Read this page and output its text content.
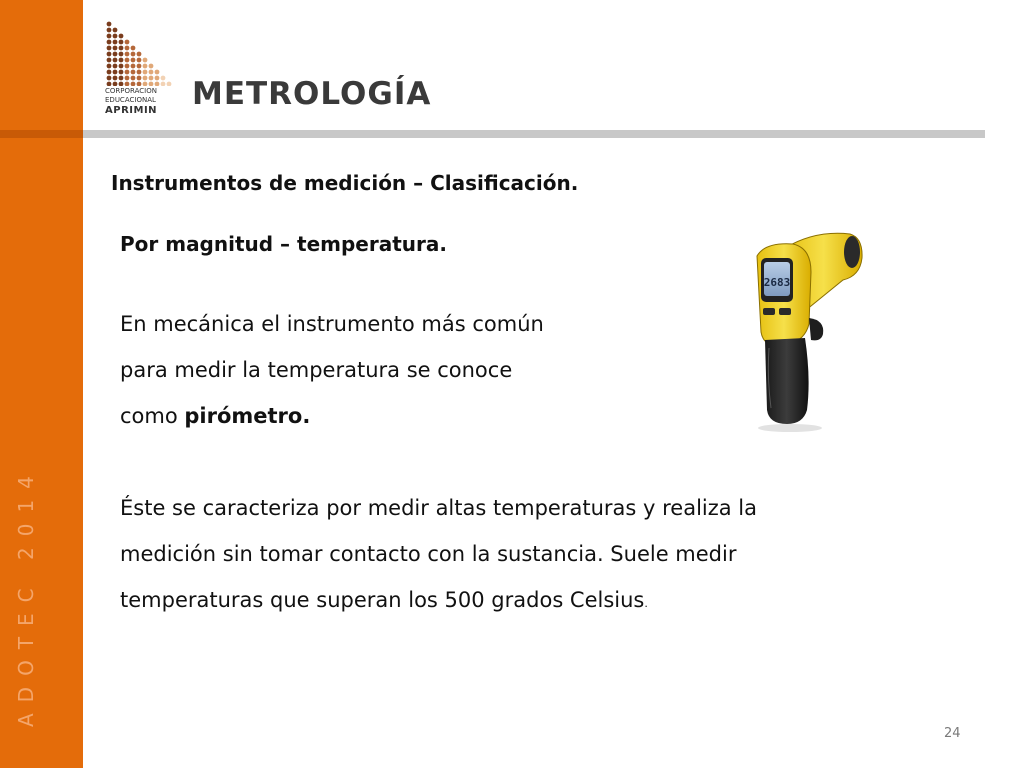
ADOTEC 2014
CORPORACION
EDUCACIONAL
APRIMIN METROLOGÍA
Instrumentos de medición – Clasificación.
Por magnitud – temperatura.
En mecánica el instrumento más común
para medir la temperatura se conoce
como pirómetro.
Éste se caracteriza por medir altas temperaturas y realiza la
medición sin tomar contacto con la sustancia. Suele medir
temperaturas que superan los 500 grados Celsius.
2683
24
